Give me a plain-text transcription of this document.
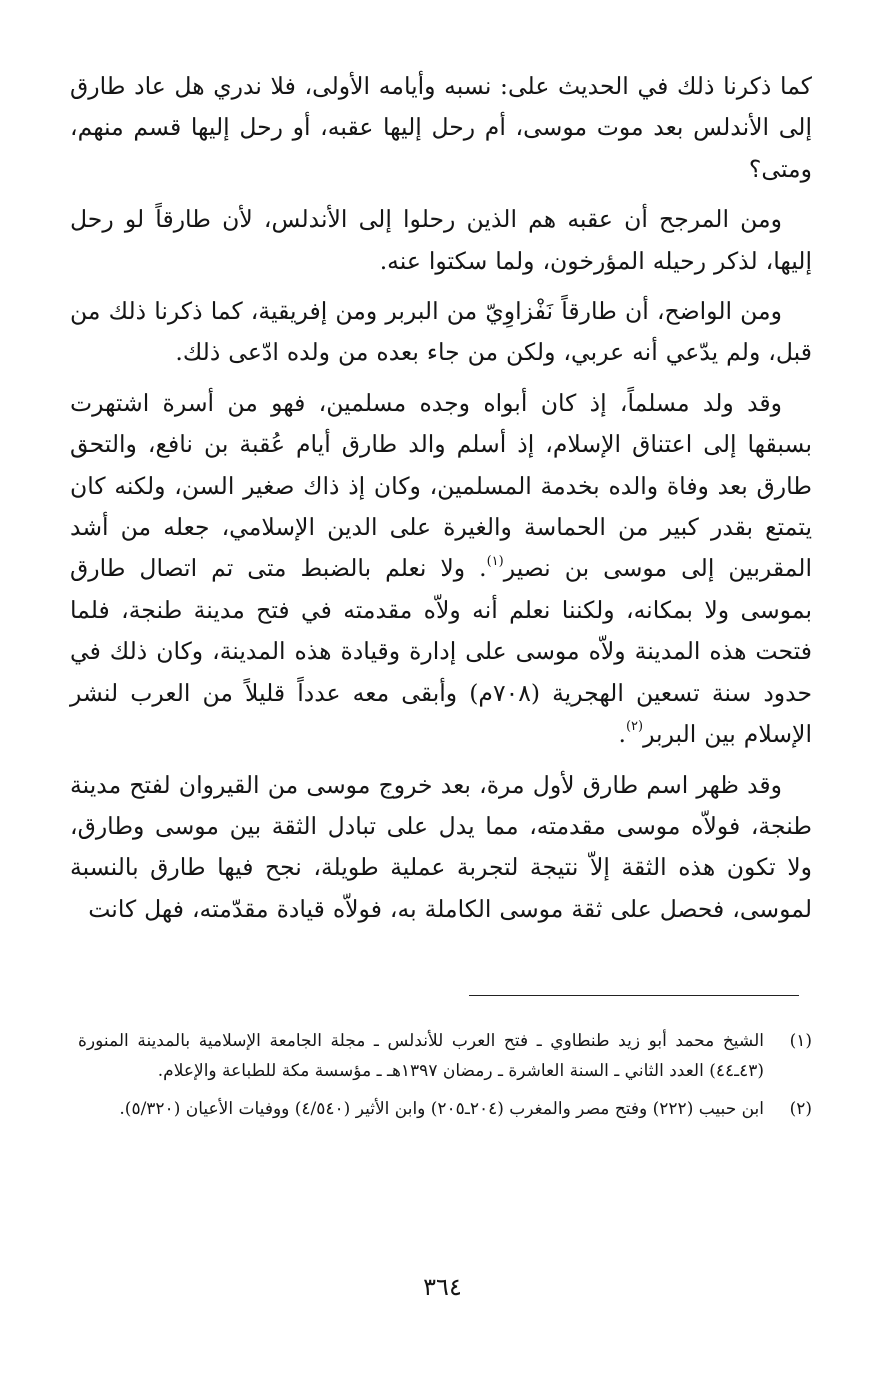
كما ذكرنا ذلك في الحديث على: نسبه وأيامه الأولى، فلا ندري هل عاد طارق إلى الأندلس بعد موت موسى، أم رحل إليها عقبه، أو رحل إليها قسم منهم، ومتى؟

ومن المرجح أن عقبه هم الذين رحلوا إلى الأندلس، لأن طارقاً لو رحل إليها، لذكر رحيله المؤرخون، ولما سكتوا عنه.

ومن الواضح، أن طارقاً نَفْزاوِيّ من البربر ومن إفريقية، كما ذكرنا ذلك من قبل، ولم يدّعي أنه عربي، ولكن من جاء بعده من ولده ادّعى ذلك.

وقد ولد مسلماً، إذ كان أبواه وجده مسلمين، فهو من أسرة اشتهرت بسبقها إلى اعتناق الإسلام، إذ أسلم والد طارق أيام عُقبة بن نافع، والتحق طارق بعد وفاة والده بخدمة المسلمين، وكان إذ ذاك صغير السن، ولكنه كان يتمتع بقدر كبير من الحماسة والغيرة على الدين الإسلامي، جعله من أشد المقربين إلى موسى بن نصير$^{(١)}$. ولا نعلم بالضبط متى تم اتصال طارق بموسى ولا بمكانه، ولكننا نعلم أنه ولاّه مقدمته في فتح مدينة طنجة، فلما فتحت هذه المدينة ولاّه موسى على إدارة وقيادة هذه المدينة، وكان ذلك في حدود سنة تسعين الهجرية (٧٠٨م) وأبقى معه عدداً قليلاً من العرب لنشر الإسلام بين البربر$^{(٢)}$.

وقد ظهر اسم طارق لأول مرة، بعد خروج موسى من القيروان لفتح مدينة طنجة، فولاّه موسى مقدمته، مما يدل على تبادل الثقة بين موسى وطارق، ولا تكون هذه الثقة إلاّ نتيجة لتجربة عملية طويلة، نجح فيها طارق بالنسبة لموسى، فحصل على ثقة موسى الكاملة به، فولاّه قيادة مقدّمته، فهل كانت

(١)
الشيخ محمد أبو زيد طنطاوي ـ فتح العرب للأندلس ـ مجلة الجامعة الإسلامية بالمدينة المنورة (٤٣ـ٤٤) العدد الثاني ـ السنة العاشرة ـ رمضان ١٣٩٧هـ ـ مؤسسة مكة للطباعة والإعلام.
(٢)
ابن حبيب (٢٢٢) وفتح مصر والمغرب (٢٠٤ـ٢٠٥) وابن الأثير (٤/٥٤٠) ووفيات الأعيان (٥/٣٢٠).
٣٦٤
